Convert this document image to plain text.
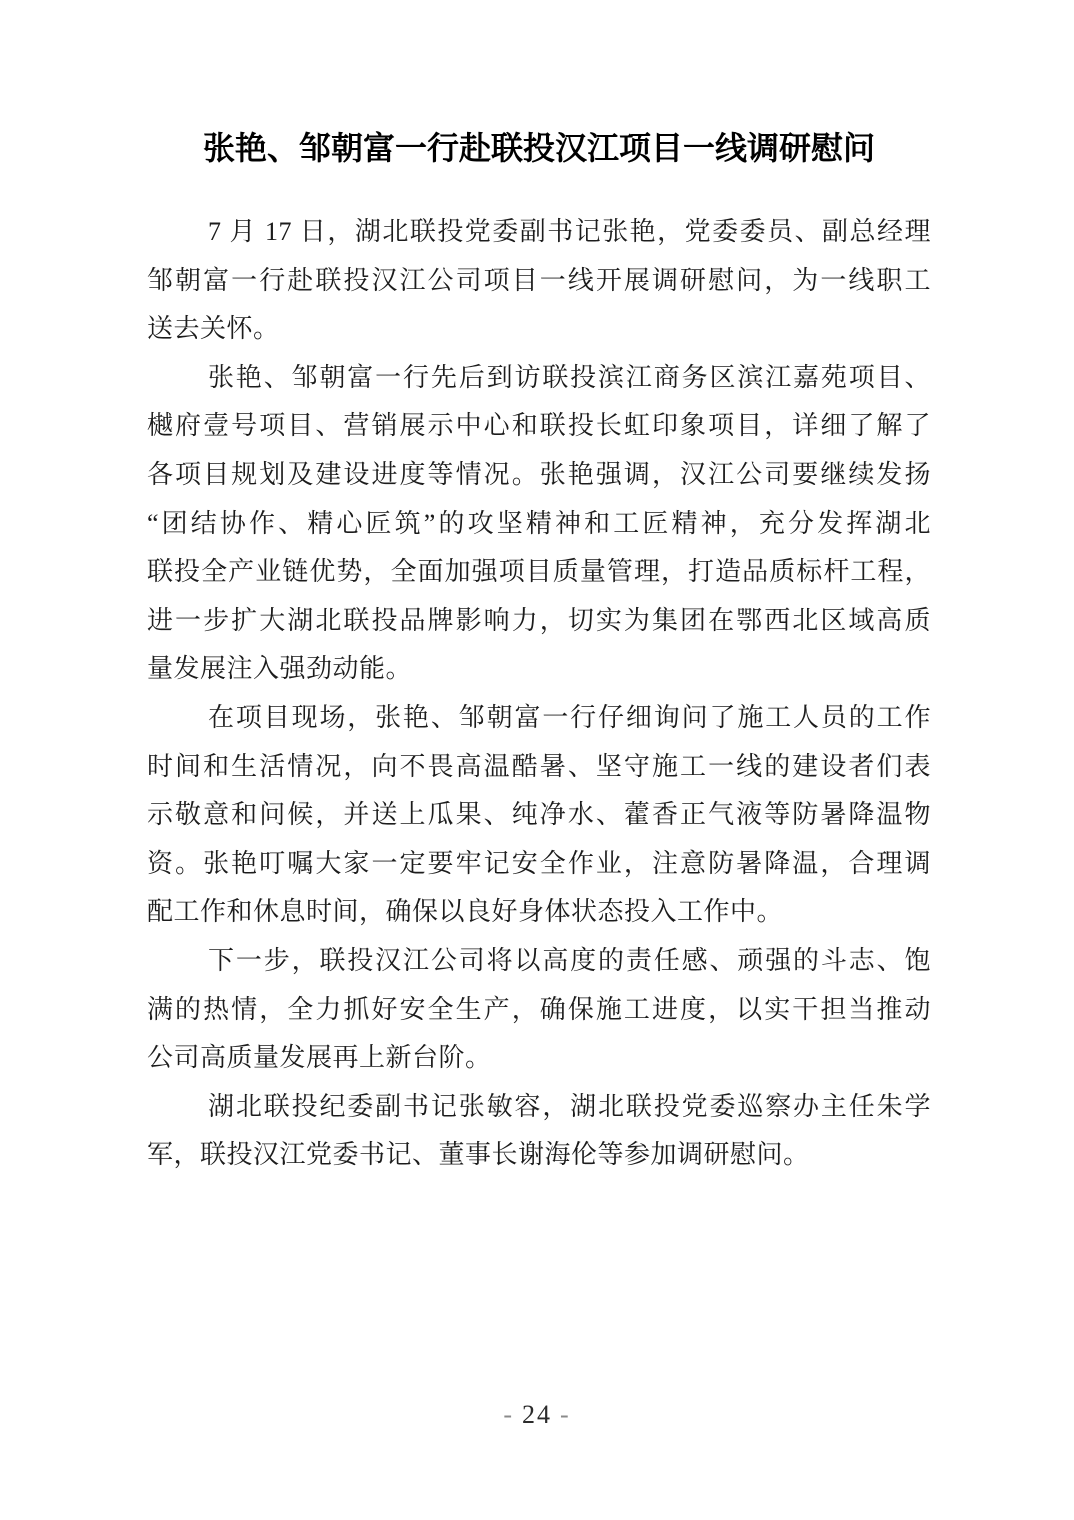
张艳、邹朝富一行赴联投汉江项目一线调研慰问
7 月 17 日，湖北联投党委副书记张艳，党委委员、副总经理
邹朝富一行赴联投汉江公司项目一线开展调研慰问，为一线职工
送去关怀。
张艳、邹朝富一行先后到访联投滨江商务区滨江嘉苑项目、
樾府壹号项目、营销展示中心和联投长虹印象项目，详细了解了
各项目规划及建设进度等情况。张艳强调，汉江公司要继续发扬
“团结协作、精心匠筑”的攻坚精神和工匠精神，充分发挥湖北
联投全产业链优势，全面加强项目质量管理，打造品质标杆工程，
进一步扩大湖北联投品牌影响力，切实为集团在鄂西北区域高质
量发展注入强劲动能。
在项目现场，张艳、邹朝富一行仔细询问了施工人员的工作
时间和生活情况，向不畏高温酷暑、坚守施工一线的建设者们表
示敬意和问候，并送上瓜果、纯净水、藿香正气液等防暑降温物
资。张艳叮嘱大家一定要牢记安全作业，注意防暑降温，合理调
配工作和休息时间，确保以良好身体状态投入工作中。
下一步，联投汉江公司将以高度的责任感、顽强的斗志、饱
满的热情，全力抓好安全生产，确保施工进度，以实干担当推动
公司高质量发展再上新台阶。
湖北联投纪委副书记张敏容，湖北联投党委巡察办主任朱学
军，联投汉江党委书记、董事长谢海伦等参加调研慰问。
- 24 -
